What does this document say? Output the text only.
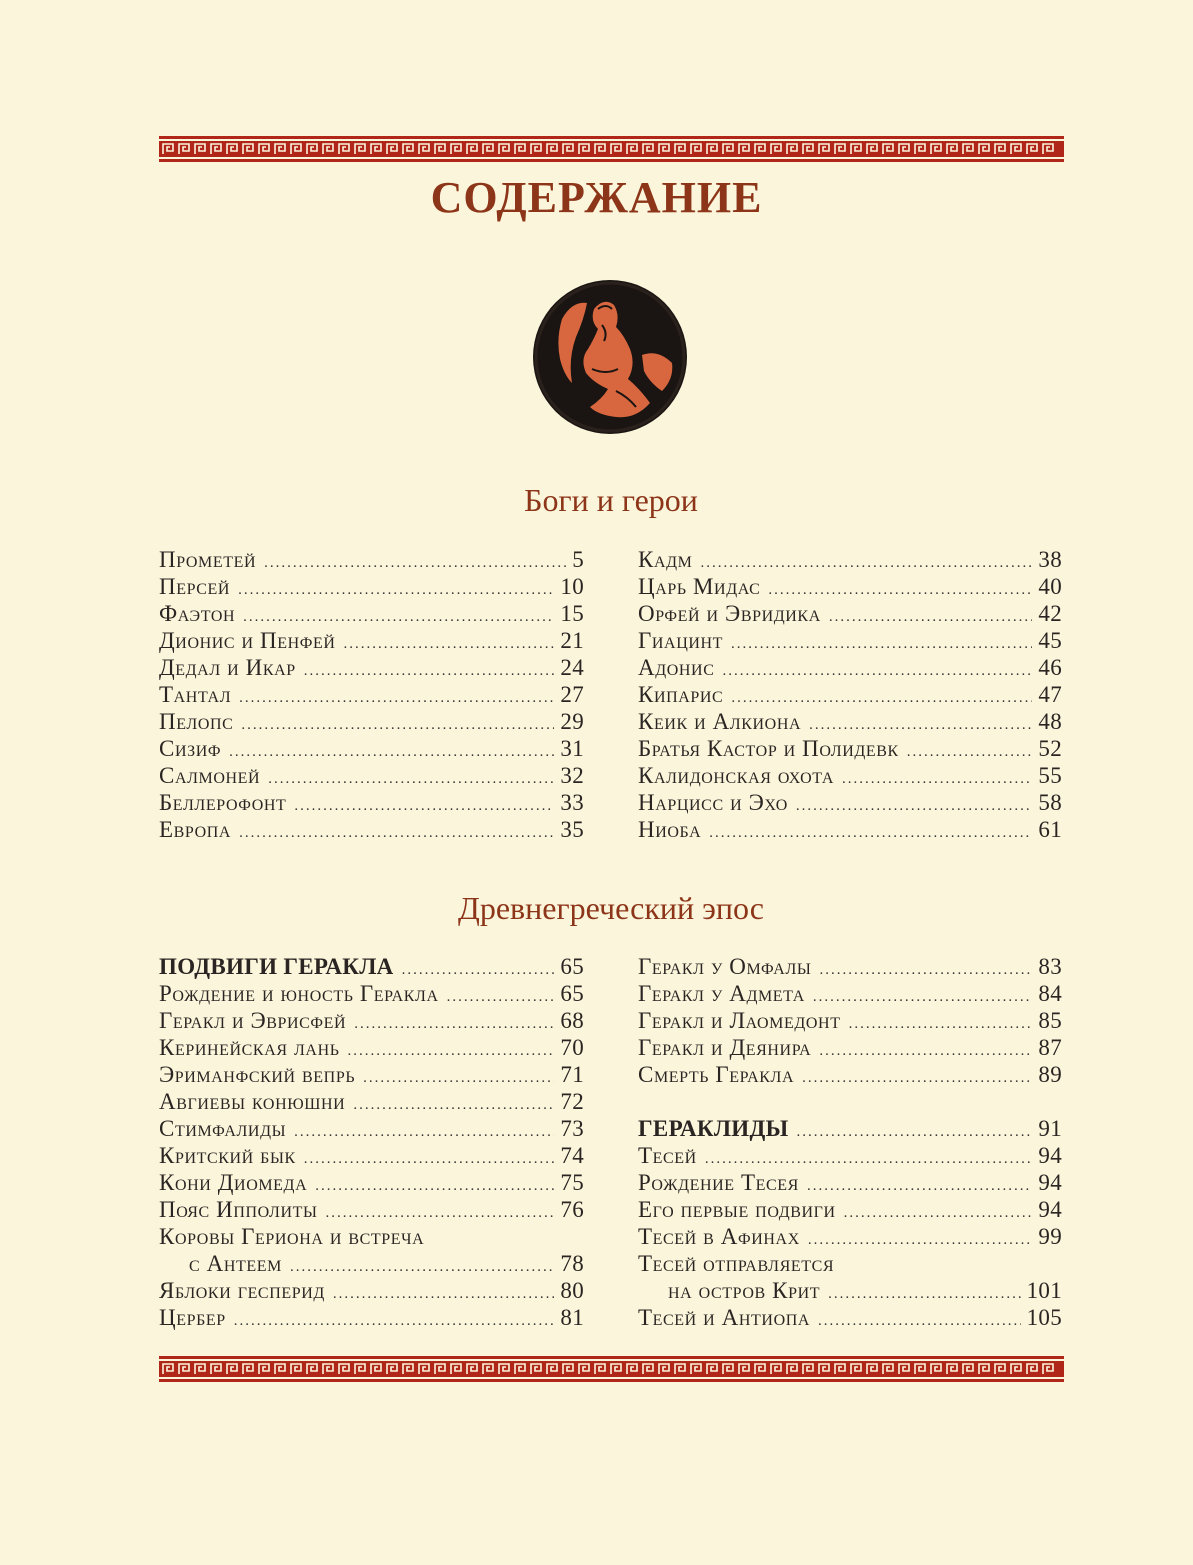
СОДЕРЖАНИЕ
Боги и герои
Прометей .....	5
Персей .....	10
Фаэтон .....	15
Дионис и Пенфей .....	21
Дедал и Икар .....	24
Тантал .....	27
Пелопс .....	29
Сизиф .....	31
Салмоней .....	32
Беллерофонт .....	33
Европа .....	35
Кадм .....	38
Царь Мидас .....	40
Орфей и Эвридика .....	42
Гиацинт .....	45
Адонис .....	46
Кипарис .....	47
Кеик и Алкиона .....	48
Братья Кастор и Полидевк .....	52
Калидонская охота .....	55
Нарцисс и Эхо .....	58
Ниоба .....	61
Древнегреческий эпос
ПОДВИГИ ГЕРАКЛА .....	65
Рождение и юность Геракла .....	65
Геракл и Эврисфей .....	68
Керинейская лань .....	70
Эриманфский вепрь .....	71
Авгиевы конюшни .....	72
Стимфалиды .....	73
Критский бык .....	74
Кони Диомеда .....	75
Пояс Ипполиты .....	76
Коровы Гериона и встреча
с Антеем .....	78
Яблоки гесперид .....	80
Цербер .....	81
Геракл у Омфалы .....	83
Геракл у Адмета .....	84
Геракл и Лаомедонт .....	85
Геракл и Деянира .....	87
Смерть Геракла .....	89
ГЕРАКЛИДЫ .....	91
Тесей .....	94
Рождение Тесея .....	94
Его первые подвиги .....	94
Тесей в Афинах .....	99
Тесей отправляется
на остров Крит .....	101
Тесей и Антиопа .....	105
